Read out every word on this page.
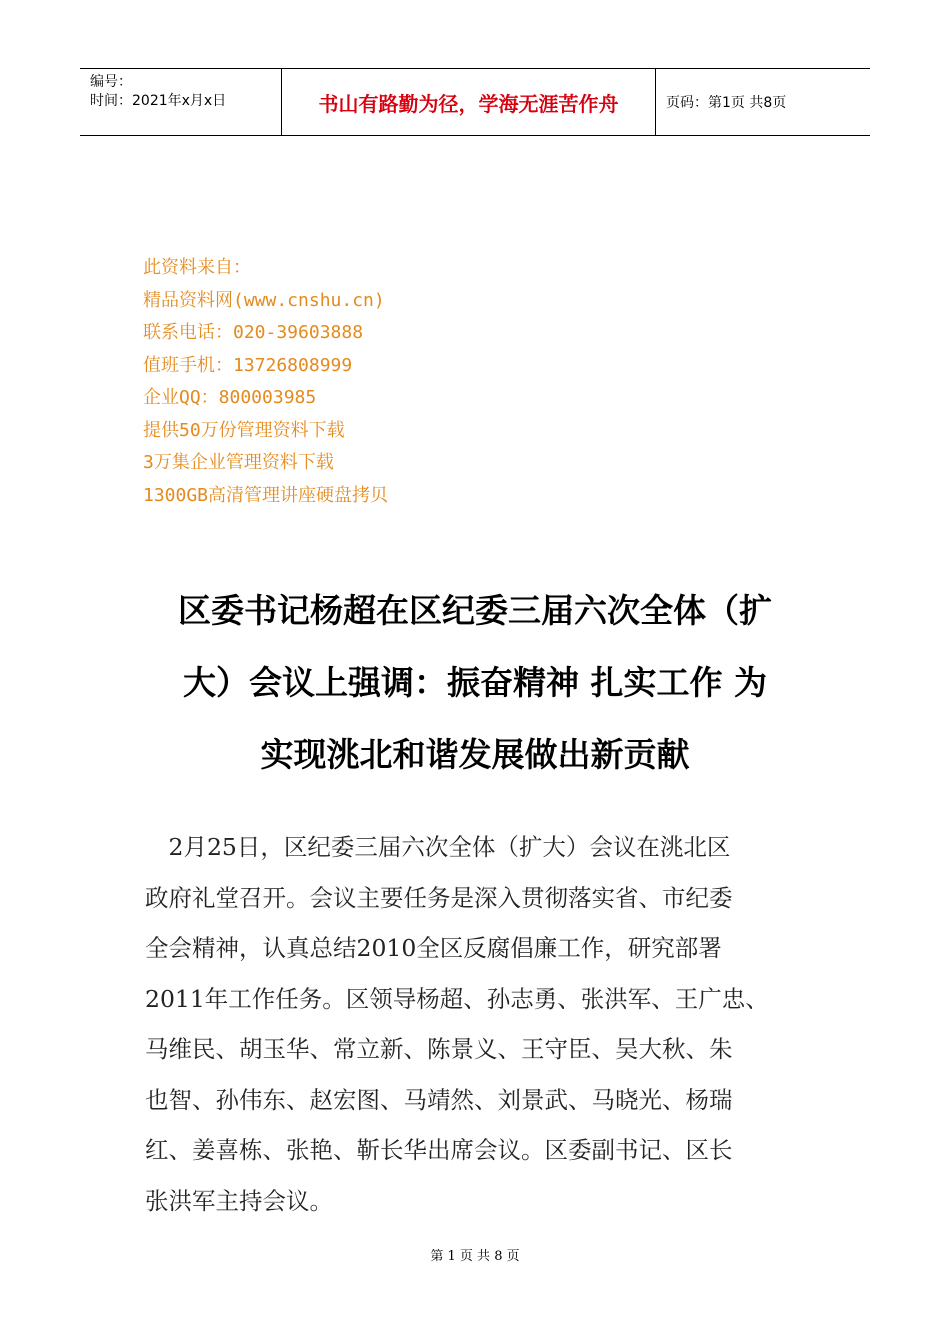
编号：
时间：2021年x月x日	书山有路勤为径，学海无涯苦作舟	页码：第1页 共8页
此资料来自：
精品资料网(www.cnshu.cn)
联系电话：020-39603888
值班手机：13726808999
企业QQ：800003985
提供50万份管理资料下载
3万集企业管理资料下载
1300GB高清管理讲座硬盘拷贝
区委书记杨超在区纪委三届六次全体（扩
大）会议上强调：振奋精神 扎实工作 为
实现洮北和谐发展做出新贡献
　2月25日，区纪委三届六次全体（扩大）会议在洮北区
政府礼堂召开。会议主要任务是深入贯彻落实省、市纪委
全会精神，认真总结2010全区反腐倡廉工作，研究部署
2011年工作任务。区领导杨超、孙志勇、张洪军、王广忠、
马维民、胡玉华、常立新、陈景义、王守臣、吴大秋、朱
也智、孙伟东、赵宏图、马靖然、刘景武、马晓光、杨瑞
红、姜喜栋、张艳、靳长华出席会议。区委副书记、区长
张洪军主持会议。
第 1 页 共 8 页
